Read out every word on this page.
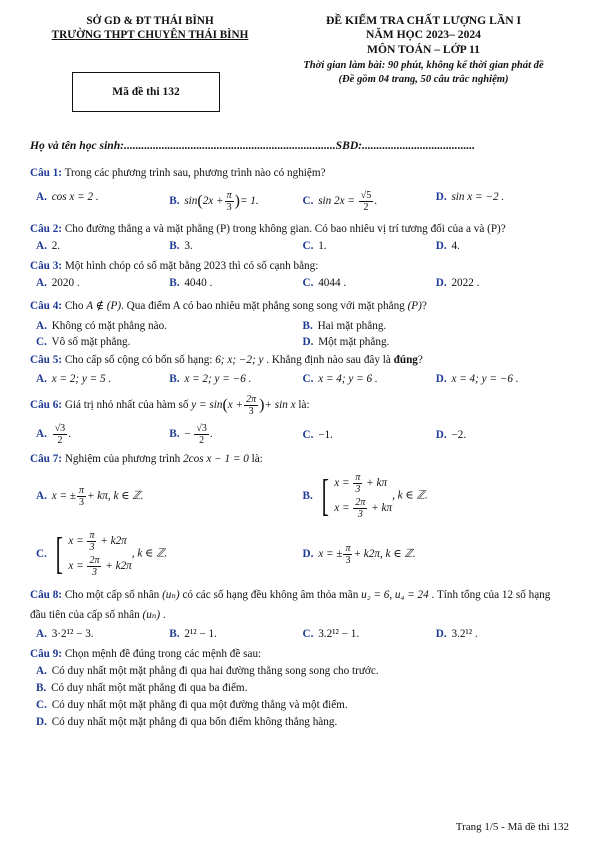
SỞ GD & ĐT THÁI BÌNH
TRƯỜNG THPT CHUYÊN THÁI BÌNH
Mã đề thi 132
ĐỀ KIỂM TRA CHẤT LƯỢNG LẦN I
NĂM HỌC 2023– 2024
MÔN TOÁN – LỚP 11
Thời gian làm bài: 90 phút, không kể thời gian phát đề
(Đề gồm 04 trang, 50 câu trắc nghiệm)
Họ và tên học sinh:.........................................................................SBD:.......................................
Câu 1: Trong các phương trình sau, phương trình nào có nghiệm?
A. cos x = 2 .	B. $\sin(2x + \frac{\pi}{3}$ )= 1.	C. $\sin 2x = \frac{√5}{2}$ .	D. sin x = −2 .
Câu 2: Cho đường thẳng a và mặt phẳng (P) trong không gian. Có bao nhiêu vị trí tương đối của a và (P)?
A. 2.	B. 3.	C. 1.	D. 4.
Câu 3: Một hình chóp có số mặt bằng 2023 thì có số cạnh bằng:
A. 2020 .	B. 4040 .	C. 4044 .	D. 2022 .
Câu 4: Cho A ∉ (P). Qua điểm A có bao nhiêu mặt phẳng song song với mặt phẳng (P)?
A. Không có mặt phẳng nào.	B. Hai mặt phẳng.
C. Vô số mặt phẳng.	D. Một mặt phẳng.
Câu 5: Cho cấp số cộng có bốn số hạng: 6; x; −2; y . Khẳng định nào sau đây là đúng?
A. x = 2; y = 5 .	B. x = 2; y = −6 .	C. x = 4; y = 6 .	D. x = 4; y = −6 .
Câu 6: Giá trị nhỏ nhất của hàm số $y = \sin(x + \frac{2\pi}{3}$ )+ sin x là:
A. $\frac{√3}{2}$ .	B. − $\frac{√3}{2}$ .	C. −1.	D. −2.
Câu 7: Nghiệm của phương trình 2cos x − 1 = 0 là:
A. x = ± $\frac{\pi}{3} + k\pi$, k ∈ ℤ.	B. [ $x = \frac{\pi}{3} + k\pi$
$x = \frac{2\pi}{3} + k\pi$
, k ∈ ℤ.
C. [ $x = \frac{\pi}{3} + k2\pi$
$x = \frac{2\pi}{3} + k2\pi$
, k ∈ ℤ.	D. x = ± $\frac{\pi}{3} + k2\pi$, k ∈ ℤ.
Câu 8: Cho một cấp số nhân (uₙ) có các số hạng đều không âm thỏa mãn u₂ = 6, u₄ = 24 . Tính tổng của 12 số hạng đầu tiên của cấp số nhân (uₙ) .
A. 3·2¹² − 3.	B. 2¹² − 1.	C. 3.2¹² − 1.	D. 3.2¹² .
Câu 9: Chọn mệnh đề đúng trong các mệnh đề sau:
A. Có duy nhất một mặt phẳng đi qua hai đường thẳng song song cho trước.
B. Có duy nhất một mặt phẳng đi qua ba điểm.
C. Có duy nhất một mặt phẳng đi qua một đường thẳng và một điểm.
D. Có duy nhất một mặt phẳng đi qua bốn điểm không thẳng hàng.
Trang 1/5 - Mã đề thi 132
